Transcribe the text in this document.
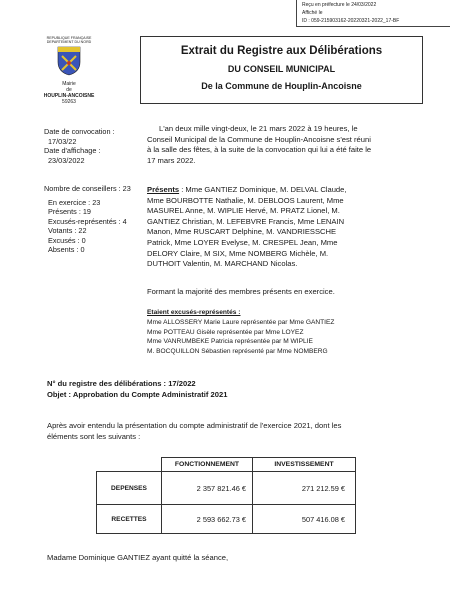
Reçu en préfecture le 24/03/2022
Affiché le
ID : 059-215903162-20220321-2022_17-BF
REPUBLIQUE FRANÇAISE DEPARTEMENT DU NORD
Mairie
de
HOUPLIN-ANCOISNE
59263
Extrait du Registre aux Délibérations
DU CONSEIL MUNICIPAL
De la Commune de Houplin-Ancoisne
Date de convocation :
17/03/22
Date d'affichage :
23/03/2022
Nombre de conseillers : 23
En exercice : 23
Présents : 19
Excusés-représentés : 4
Votants : 22
Excusés : 0
Absents : 0

L'an deux mille vingt-deux, le 21 mars 2022 à 19 heures, le

Conseil Municipal de la Commune de Houplin-Ancoisne s'est réuni

à la salle des fêtes, à la suite de la convocation qui lui a été faite le

17 mars 2022.

Présents : Mme GANTIEZ Dominique, M. DELVAL Claude,

Mme BOURBOTTE Nathalie, M. DEBLOOS Laurent, Mme

MASUREL Anne, M. WIPLIE Hervé, M. PRATZ Lionel, M.

GANTIEZ Christian, M. LEFEBVRE Francis, Mme LENAIN

Manon, Mme RUSCART Delphine, M. VANDRIESSCHE

Patrick, Mme LOYER Evelyse, M. CRESPEL Jean, Mme

DELORY Claire, M SIX, Mme NOMBERG Michèle, M.

DUTHOIT Valentin, M. MARCHAND Nicolas.

Formant la majorité des membres présents en exercice.

Etaient excusés-représentés :

Mme ALLOSSERY Marie Laure représentée par Mme GANTIEZ

Mme POTTEAU Gisèle représentée par Mme LOYEZ

Mme VANRUMBEKE Patricia représentée par M WIPLIE

M. BOCQUILLON Sébastien représenté par Mme NOMBERG

N° du registre des délibérations : 17/2022
Objet : Approbation du Compte Administratif 2021
Après avoir entendu la présentation du compte administratif de l'exercice 2021, dont les
éléments sont les suivants :
	FONCTIONNEMENT	INVESTISSEMENT
DEPENSES	2 357 821.46 €	271 212.59 €
RECETTES	2 593 662.73 €	507 416.08 €
Madame Dominique GANTIEZ ayant quitté la séance,
